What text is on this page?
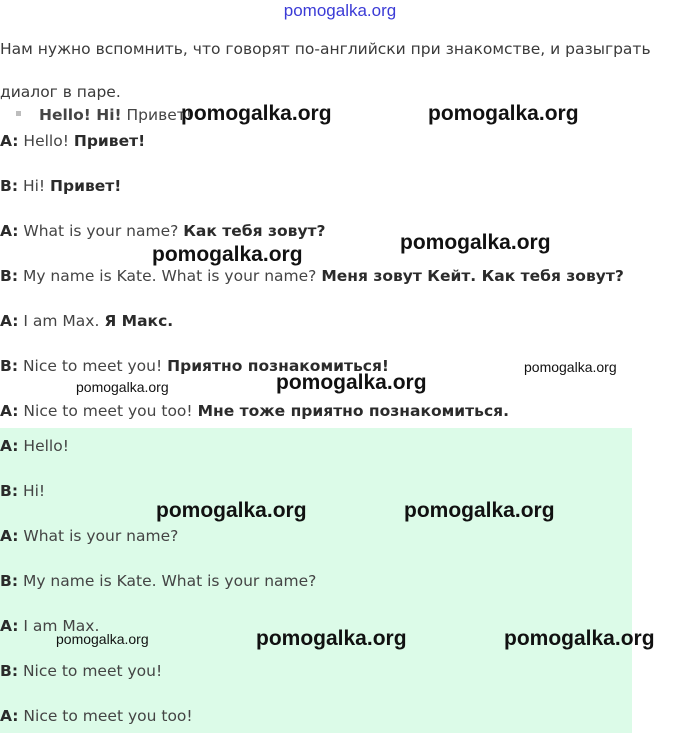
pomogalka.org
Нам нужно вспомнить, что говорят по-английски при знакомстве, и разыграть диалог в паре.
Hello! Hi! Привет!
A: Hello! Привет!
B: Hi! Привет!
A: What is your name? Как тебя зовут?
B: My name is Kate. What is your name? Меня зовут Кейт. Как тебя зовут?
A: I am Max. Я Макс.
B: Nice to meet you! Приятно познакомиться!
A: Nice to meet you too! Мне тоже приятно познакомиться.
A: Hello!
B: Hi!
A: What is your name?
B: My name is Kate. What is your name?
A: I am Max.
B: Nice to meet you!
A: Nice to meet you too!
pomogalka.org	pomogalka.org
pomogalka.org
pomogalka.org
pomogalka.org
pomogalka.org	pomogalka.org
pomogalka.org	pomogalka.org
pomogalka.org	pomogalka.org	pomogalka.org
